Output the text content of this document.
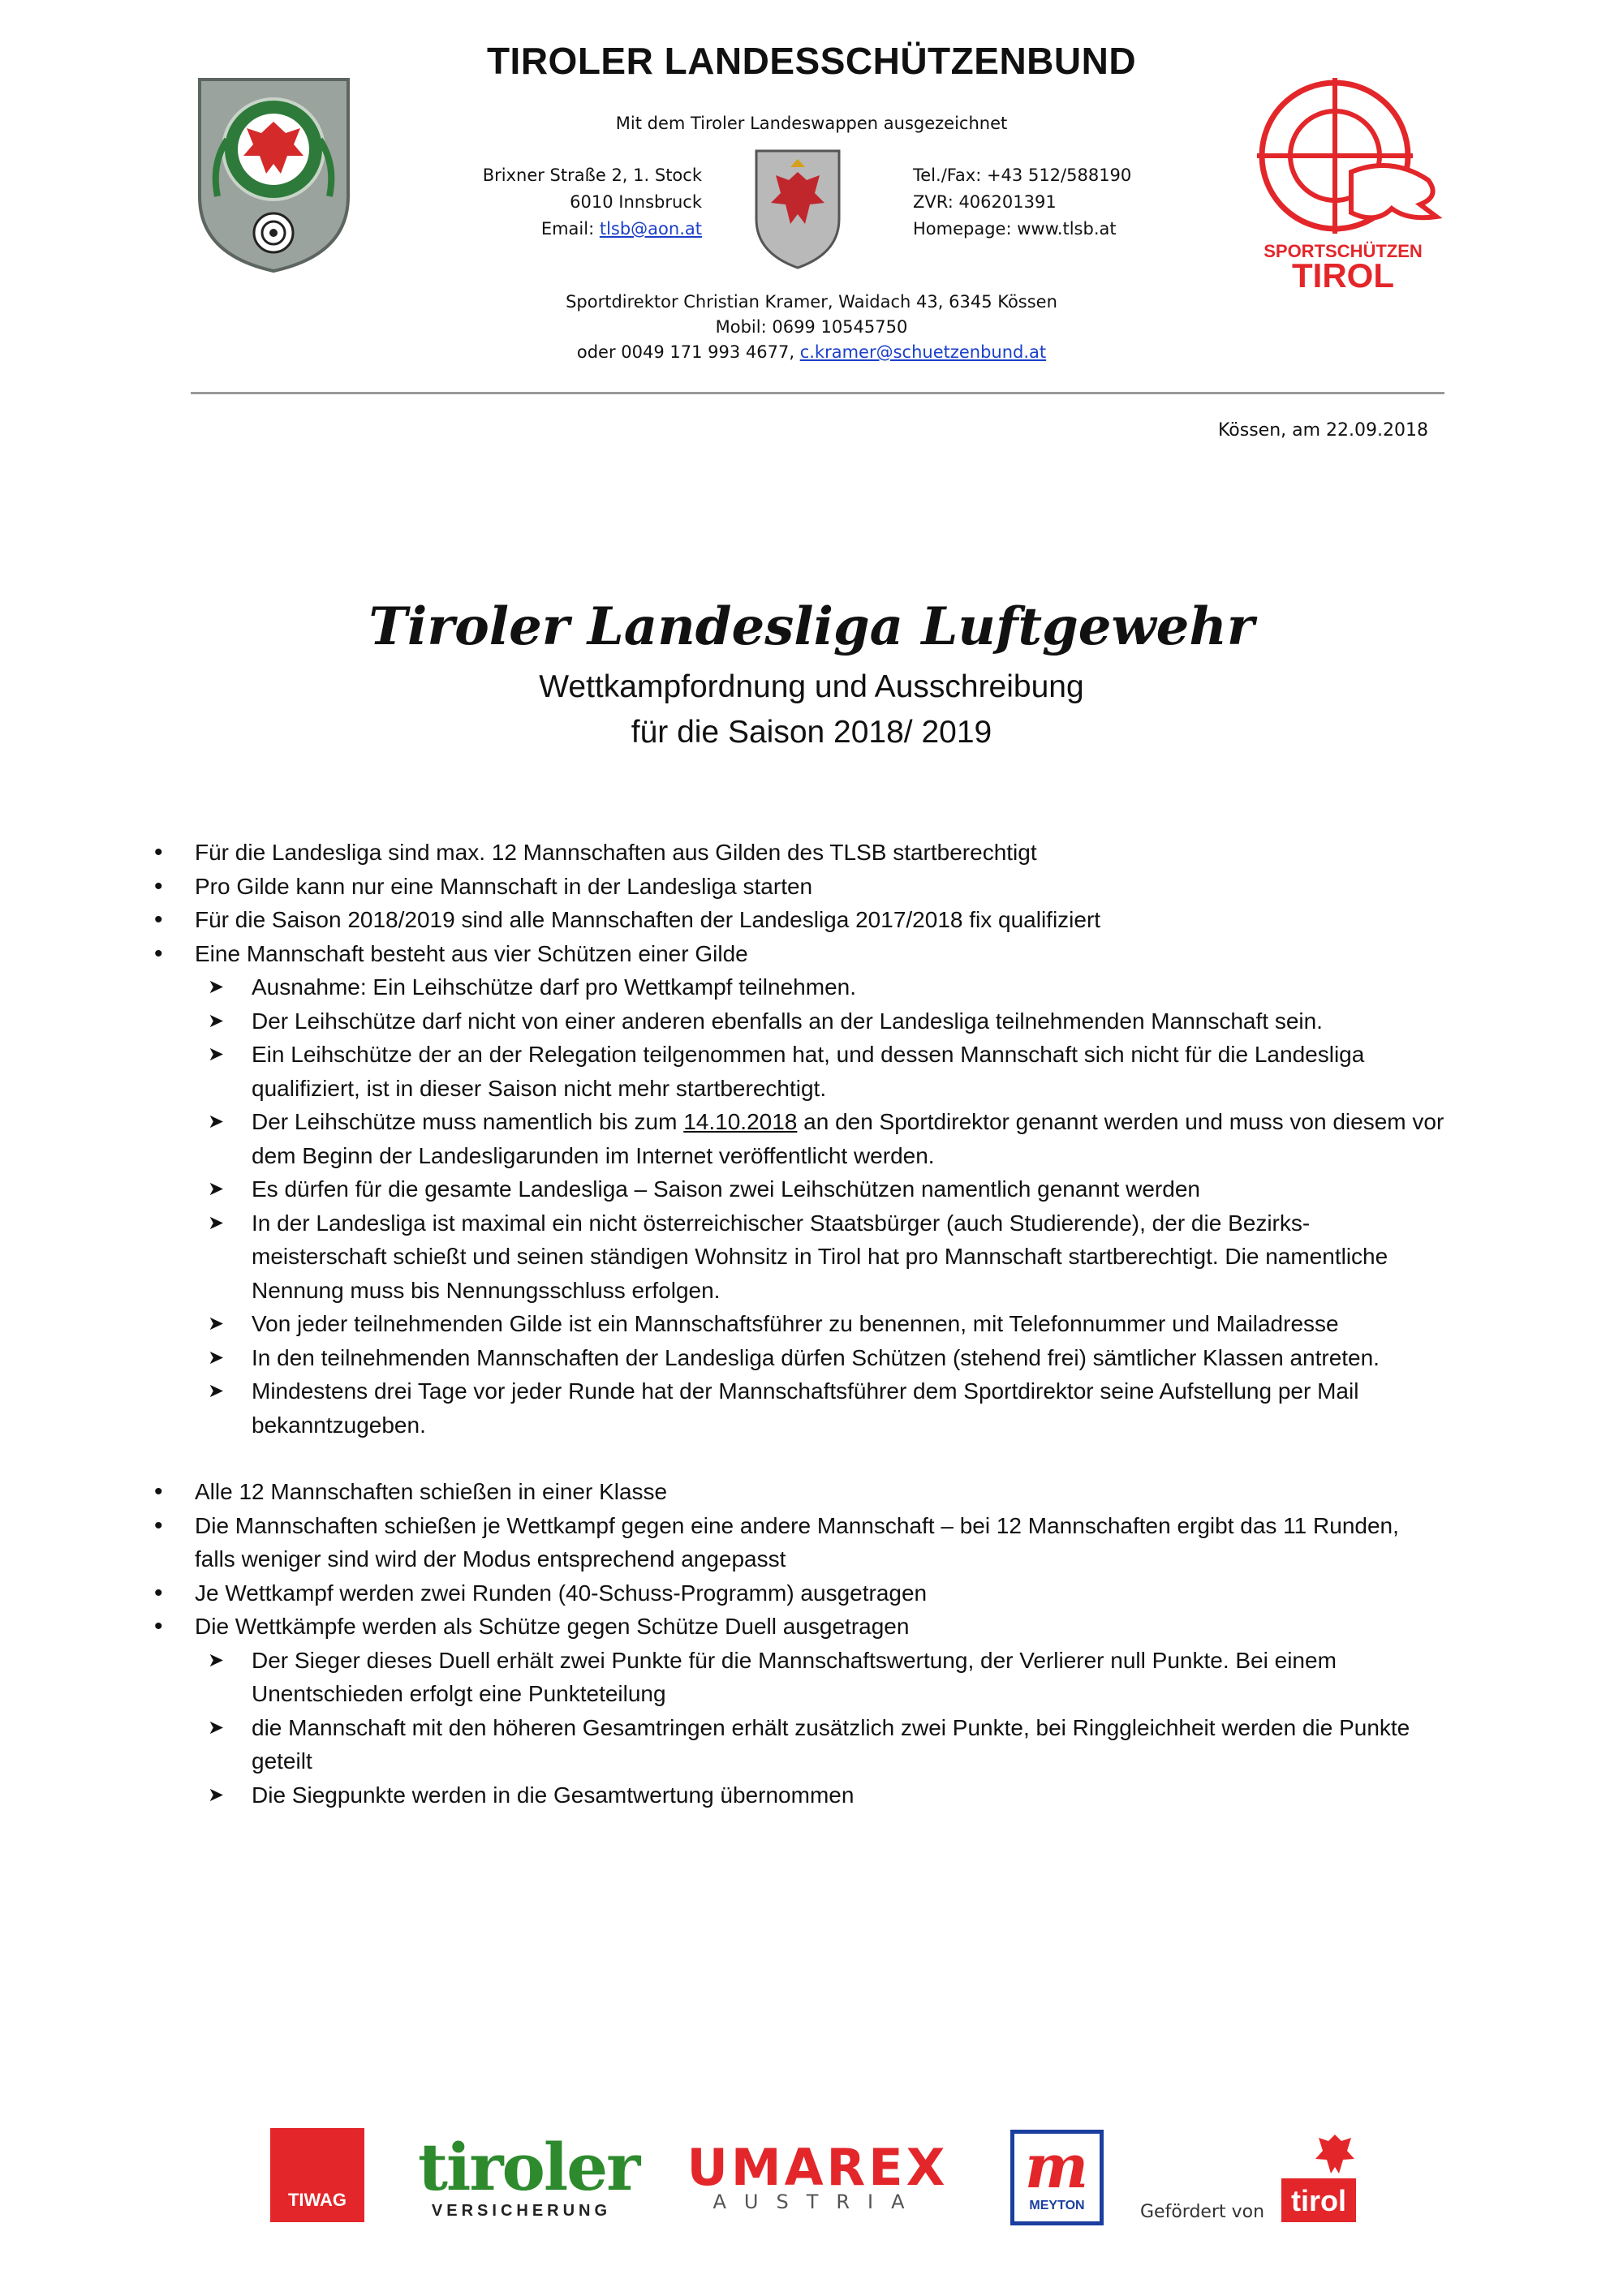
TIROLER LANDESSCHÜTZENBUND
Mit dem Tiroler Landeswappen ausgezeichnet
Brixner Straße 2, 1. Stock
6010 Innsbruck
Email: tlsb@aon.at
Tel./Fax: +43 512/588190
ZVR: 406201391
Homepage: www.tlsb.at
SPORTSCHÜTZEN
TIROL
Sportdirektor Christian Kramer, Waidach 43, 6345 Kössen
Mobil: 0699 10545750
oder 0049 171 993 4677, c.kramer@schuetzenbund.at
Kössen, am 22.09.2018
Tiroler Landesliga Luftgewehr
Wettkampfordnung und Ausschreibung
für die Saison 2018/ 2019
• Für die Landesliga sind max. 12 Mannschaften aus Gilden des TLSB startberechtigt
• Pro Gilde kann nur eine Mannschaft in der Landesliga starten
• Für die Saison 2018/2019 sind alle Mannschaften der Landesliga 2017/2018 fix qualifiziert
• Eine Mannschaft besteht aus vier Schützen einer Gilde
➤ Ausnahme: Ein Leihschütze darf pro Wettkampf teilnehmen.
➤ Der Leihschütze darf nicht von einer anderen ebenfalls an der Landesliga teilnehmenden Mannschaft sein.
➤ Ein Leihschütze der an der Relegation teilgenommen hat, und dessen Mannschaft sich nicht für die Landesliga qualifiziert, ist in dieser Saison nicht mehr startberechtigt.
➤ Der Leihschütze muss namentlich bis zum 14.10.2018 an den Sportdirektor genannt werden und muss von diesem vor dem Beginn der Landesligarunden im Internet veröffentlicht werden.
➤ Es dürfen für die gesamte Landesliga – Saison zwei Leihschützen namentlich genannt werden
➤ In der Landesliga ist maximal ein nicht österreichischer Staatsbürger (auch Studierende), der die Bezirks-meisterschaft schießt und seinen ständigen Wohnsitz in Tirol hat pro Mannschaft startberechtigt. Die namentliche Nennung muss bis Nennungsschluss erfolgen.
➤ Von jeder teilnehmenden Gilde ist ein Mannschaftsführer zu benennen, mit Telefonnummer und Mailadresse
➤ In den teilnehmenden Mannschaften der Landesliga dürfen Schützen (stehend frei) sämtlicher Klassen antreten.
➤ Mindestens drei Tage vor jeder Runde hat der Mannschaftsführer dem Sportdirektor seine Aufstellung per Mail bekanntzugeben.
• Alle 12 Mannschaften schießen in einer Klasse
• Die Mannschaften schießen je Wettkampf gegen eine andere Mannschaft – bei 12 Mannschaften ergibt das 11 Runden, falls weniger sind wird der Modus entsprechend angepasst
• Je Wettkampf werden zwei Runden (40-Schuss-Programm) ausgetragen
• Die Wettkämpfe werden als Schütze gegen Schütze Duell ausgetragen
➤ Der Sieger dieses Duell erhält zwei Punkte für die Mannschaftswertung, der Verlierer null Punkte. Bei einem Unentschieden erfolgt eine Punkteteilung
➤ die Mannschaft mit den höheren Gesamtringen erhält zusätzlich zwei Punkte, bei Ringgleichheit werden die Punkte geteilt
➤ Die Siegpunkte werden in die Gesamtwertung übernommen
TIWAG tiroler
VERSICHERUNG
UMAREX
AUSTRIA	m
MEYTON	Gefördert von tirol
